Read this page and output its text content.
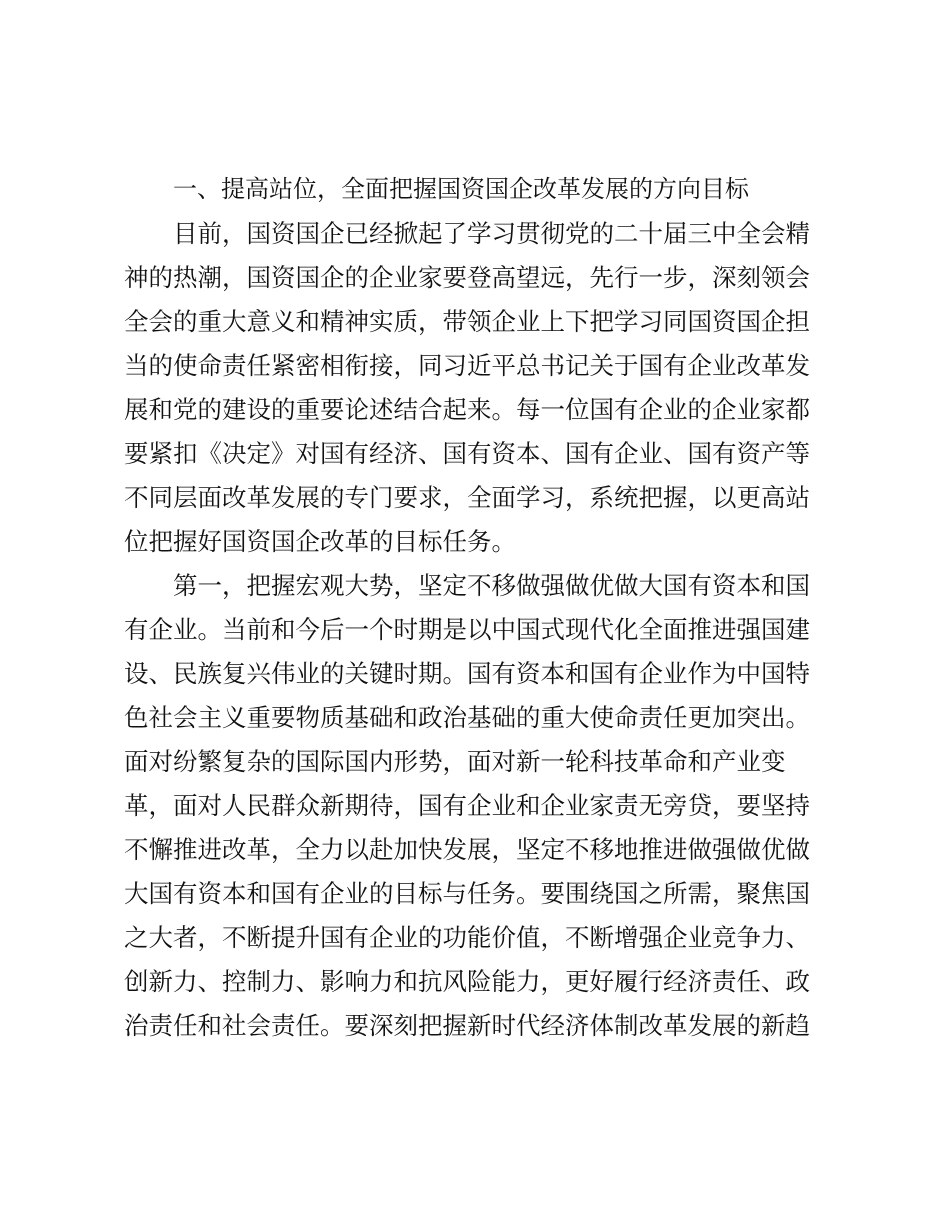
一、提高站位，全面把握国资国企改革发展的方向目标
目前，国资国企已经掀起了学习贯彻党的二十届三中全会精
神的热潮，国资国企的企业家要登高望远，先行一步，深刻领会
全会的重大意义和精神实质，带领企业上下把学习同国资国企担
当的使命责任紧密相衔接，同习近平总书记关于国有企业改革发
展和党的建设的重要论述结合起来。每一位国有企业的企业家都
要紧扣《决定》对国有经济、国有资本、国有企业、国有资产等
不同层面改革发展的专门要求，全面学习，系统把握，以更高站
位把握好国资国企改革的目标任务。
第一，把握宏观大势，坚定不移做强做优做大国有资本和国
有企业。当前和今后一个时期是以中国式现代化全面推进强国建
设、民族复兴伟业的关键时期。国有资本和国有企业作为中国特
色社会主义重要物质基础和政治基础的重大使命责任更加突出。
面对纷繁复杂的国际国内形势，面对新一轮科技革命和产业变
革，面对人民群众新期待，国有企业和企业家责无旁贷，要坚持
不懈推进改革，全力以赴加快发展，坚定不移地推进做强做优做
大国有资本和国有企业的目标与任务。要围绕国之所需，聚焦国
之大者，不断提升国有企业的功能价值，不断增强企业竞争力、
创新力、控制力、影响力和抗风险能力，更好履行经济责任、政
治责任和社会责任。要深刻把握新时代经济体制改革发展的新趋
